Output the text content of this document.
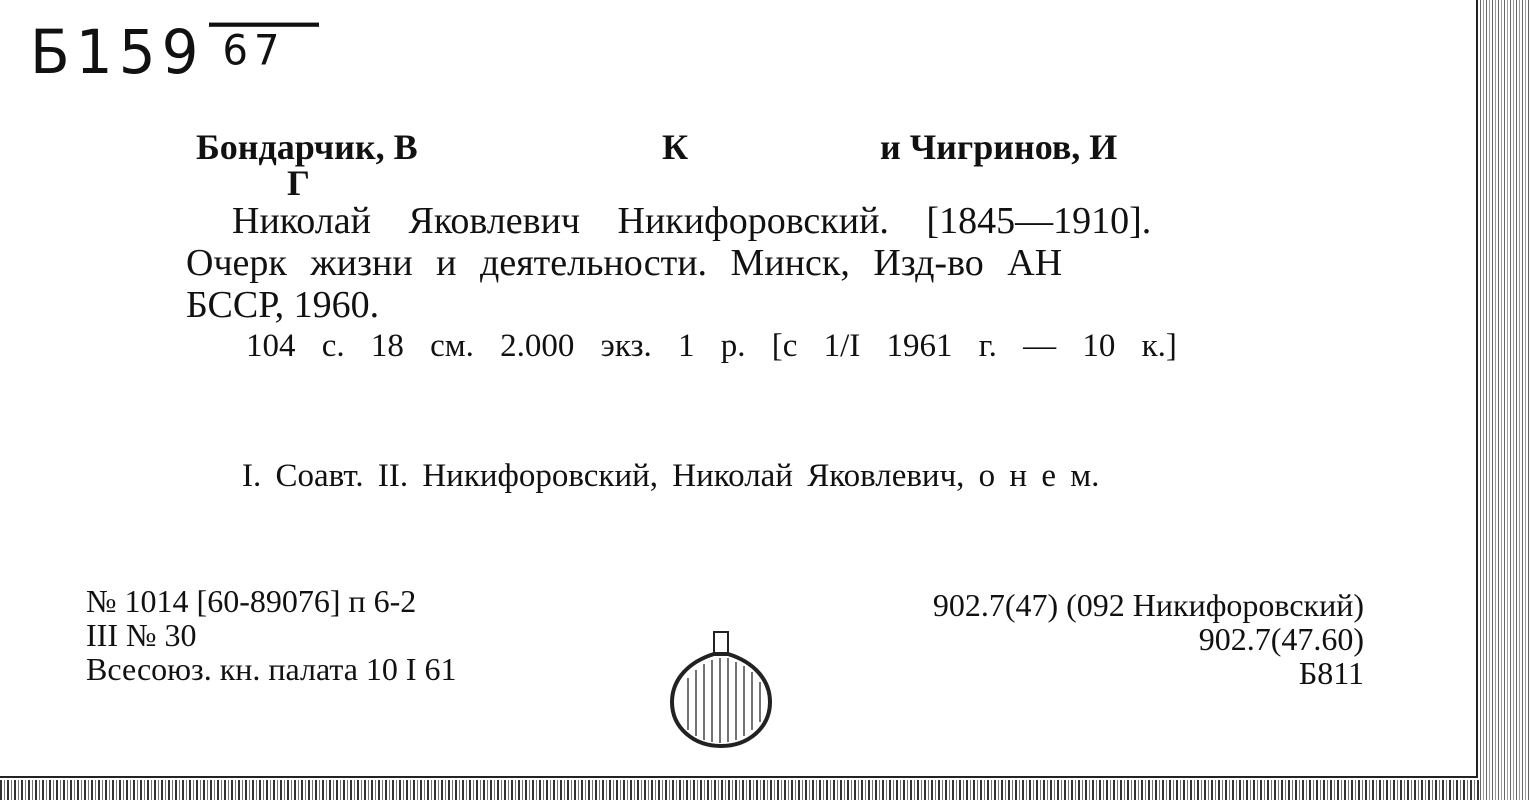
Б159 67
Бондарчик, В
Г
К	и Чигринов, И
Николай Яковлевич Никифоровский. [1845—1910].
Очерк жизни и деятельности. Минск, Изд-во АН
БССР, 1960.
104 с. 18 см. 2.000 экз. 1 р. [с 1/I 1961 г. — 10 к.]
I. Соавт. II. Никифоровский, Николай Яковлевич, о н е м.
№ 1014 [60-89076] п 6-2
III № 30
Всесоюз. кн. палата 10 I 61
902.7(47) (092 Никифоровский)
902.7(47.60)
Б811
